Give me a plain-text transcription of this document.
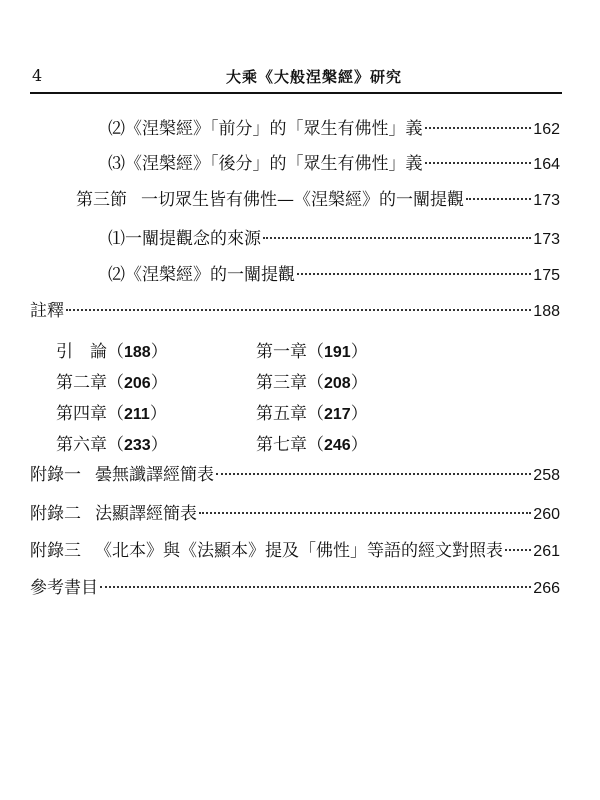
4	大乘《大般涅槃經》研究
⑵《涅槃經》「前分」的「眾生有佛性」義	162
⑶《涅槃經》「後分」的「眾生有佛性」義	164
第三節 一切眾生皆有佛性—《涅槃經》的一闡提觀	173
⑴一闡提觀念的來源	173
⑵《涅槃經》的一闡提觀	175
註釋	188
引　論（188）	第一章（191）
第二章（206）	第三章（208）
第四章（211）	第五章（217）
第六章（233）	第七章（246）
附錄一 曇無讖譯經簡表	258
附錄二 法顯譯經簡表	260
附錄三 《北本》與《法顯本》提及「佛性」等語的經文對照表 261
參考書目	266
